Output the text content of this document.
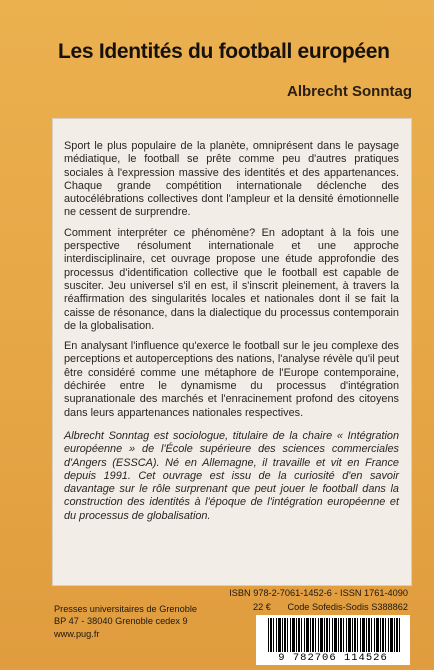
Les Identités du football européen
Albrecht Sonntag

Sport le plus populaire de la planète, omniprésent dans le paysage médiatique, le football se prête comme peu d'autres pratiques sociales à l'expression massive des identités et des appartenances. Chaque grande compétition internationale déclenche des autocélébrations collectives dont l'ampleur et la densité émotionnelle ne cessent de surprendre.

Comment interpréter ce phénomène? En adoptant à la fois une perspective résolument internationale et une approche interdisciplinaire, cet ouvrage propose une étude approfondie des processus d'identification collective que le football est capable de susciter. Jeu universel s'il en est, il s'inscrit pleinement, à travers la réaffirmation des singularités locales et nationales dont il se fait la caisse de résonance, dans la dialectique du processus contemporain de la globalisation.

En analysant l'influence qu'exerce le football sur le jeu complexe des perceptions et autoperceptions des nations, l'analyse révèle qu'il peut être considéré comme une métaphore de l'Europe contemporaine, déchirée entre le dynamisme du processus d'intégration supranationale des marchés et l'enracinement profond des citoyens dans leurs appartenances nationales respectives.

Albrecht Sonntag est sociologue, titulaire de la chaire « Intégration européenne » de l'École supérieure des sciences commerciales d'Angers (ESSCA). Né en Allemagne, il travaille et vit en France depuis 1991. Cet ouvrage est issu de la curiosité d'en savoir davantage sur le rôle surprenant que peut jouer le football dans la construction des identités à l'époque de l'intégration européenne et du processus de globalisation.

ISBN 978-2-7061-1452-6 - ISSN 1761-4090
22 € Code Sofedis-Sodis S388862
Presses universitaires de Grenoble
BP 47 - 38040 Grenoble cedex 9
www.pug.fr
9 782706 114526
